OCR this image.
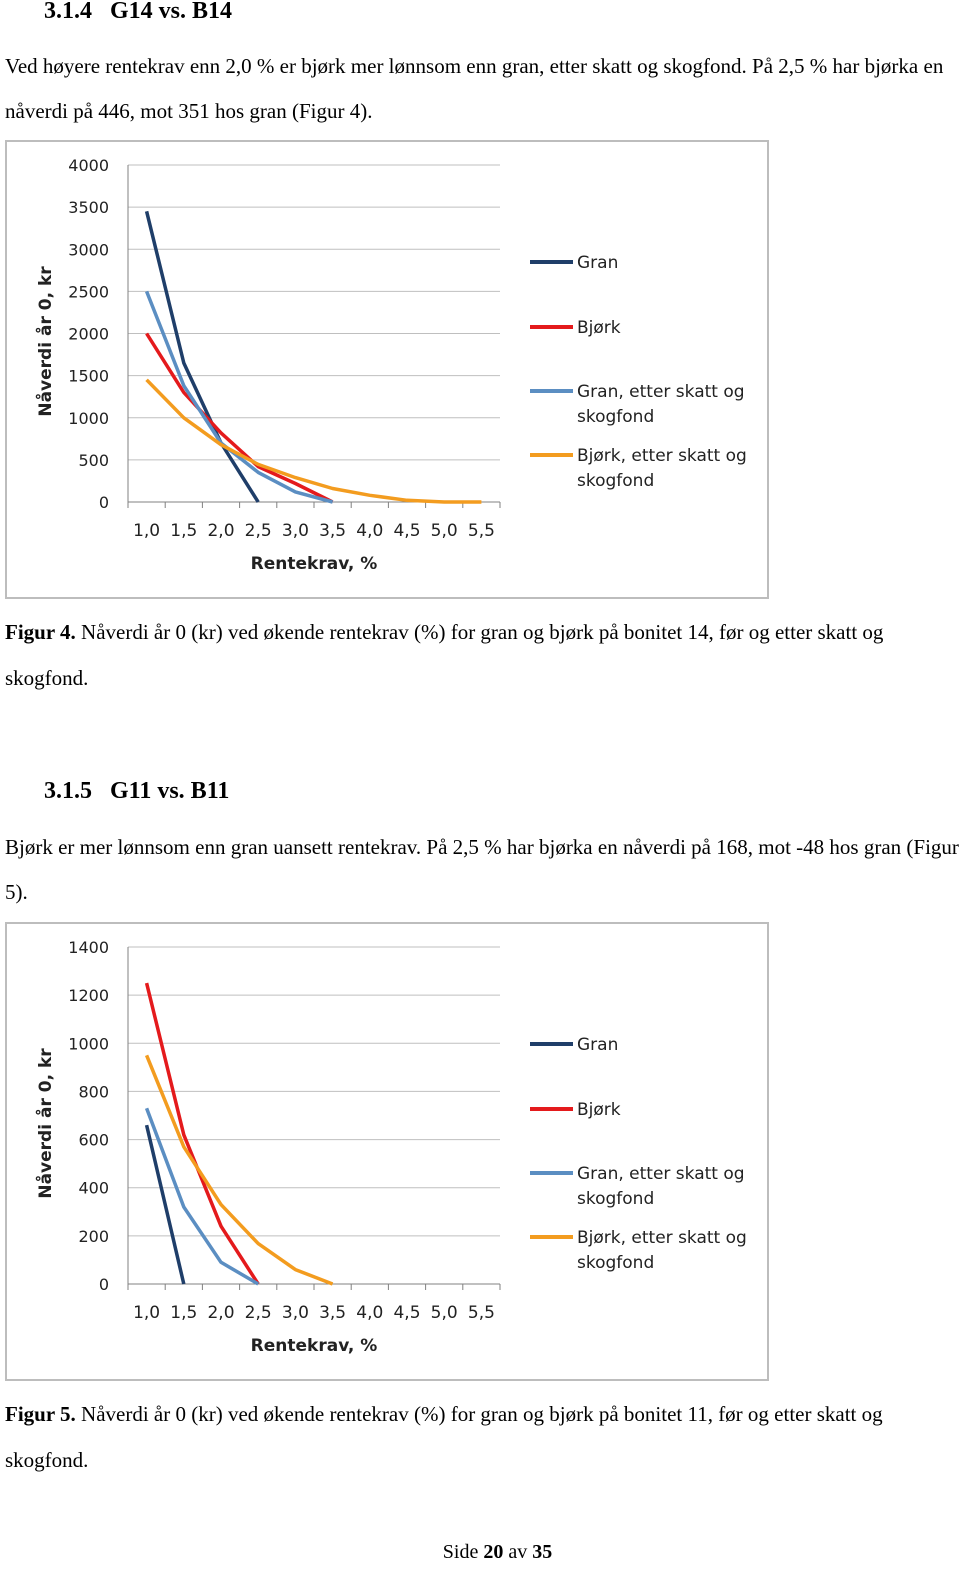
3.1.4 G14 vs. B14

Ved høyere rentekrav enn 2,0 % er bjørk mer lønnsom enn gran, etter skatt og skogfond. På 2,5 % har bjørka en nåverdi på 446, mot 351 hos gran (Figur 4).

4000
3500
3000
2500
2000
1500
1000
500
0
1,0 1,5 2,0 2,5 3,0 3,5 4,0 4,5 5,0 5,5
Rentekrav, %
Nåverdi år 0, kr
Gran
Bjørk
Gran, etter skatt og
skogfond
Bjørk, etter skatt og
skogfond

Figur 4. Nåverdi år 0 (kr) ved økende rentekrav (%) for gran og bjørk på bonitet 14, før og etter skatt og skogfond.

3.1.5 G11 vs. B11

Bjørk er mer lønnsom enn gran uansett rentekrav. På 2,5 % har bjørka en nåverdi på 168, mot -48 hos gran (Figur 5).

1400
1200
1000
800
600
400
200
0
1,0 1,5 2,0 2,5 3,0 3,5 4,0 4,5 5,0 5,5
Rentekrav, %
Nåverdi år 0, kr
Gran
Bjørk
Gran, etter skatt og
skogfond
Bjørk, etter skatt og
skogfond

Figur 5. Nåverdi år 0 (kr) ved økende rentekrav (%) for gran og bjørk på bonitet 11, før og etter skatt og skogfond.

Side 20 av 35
